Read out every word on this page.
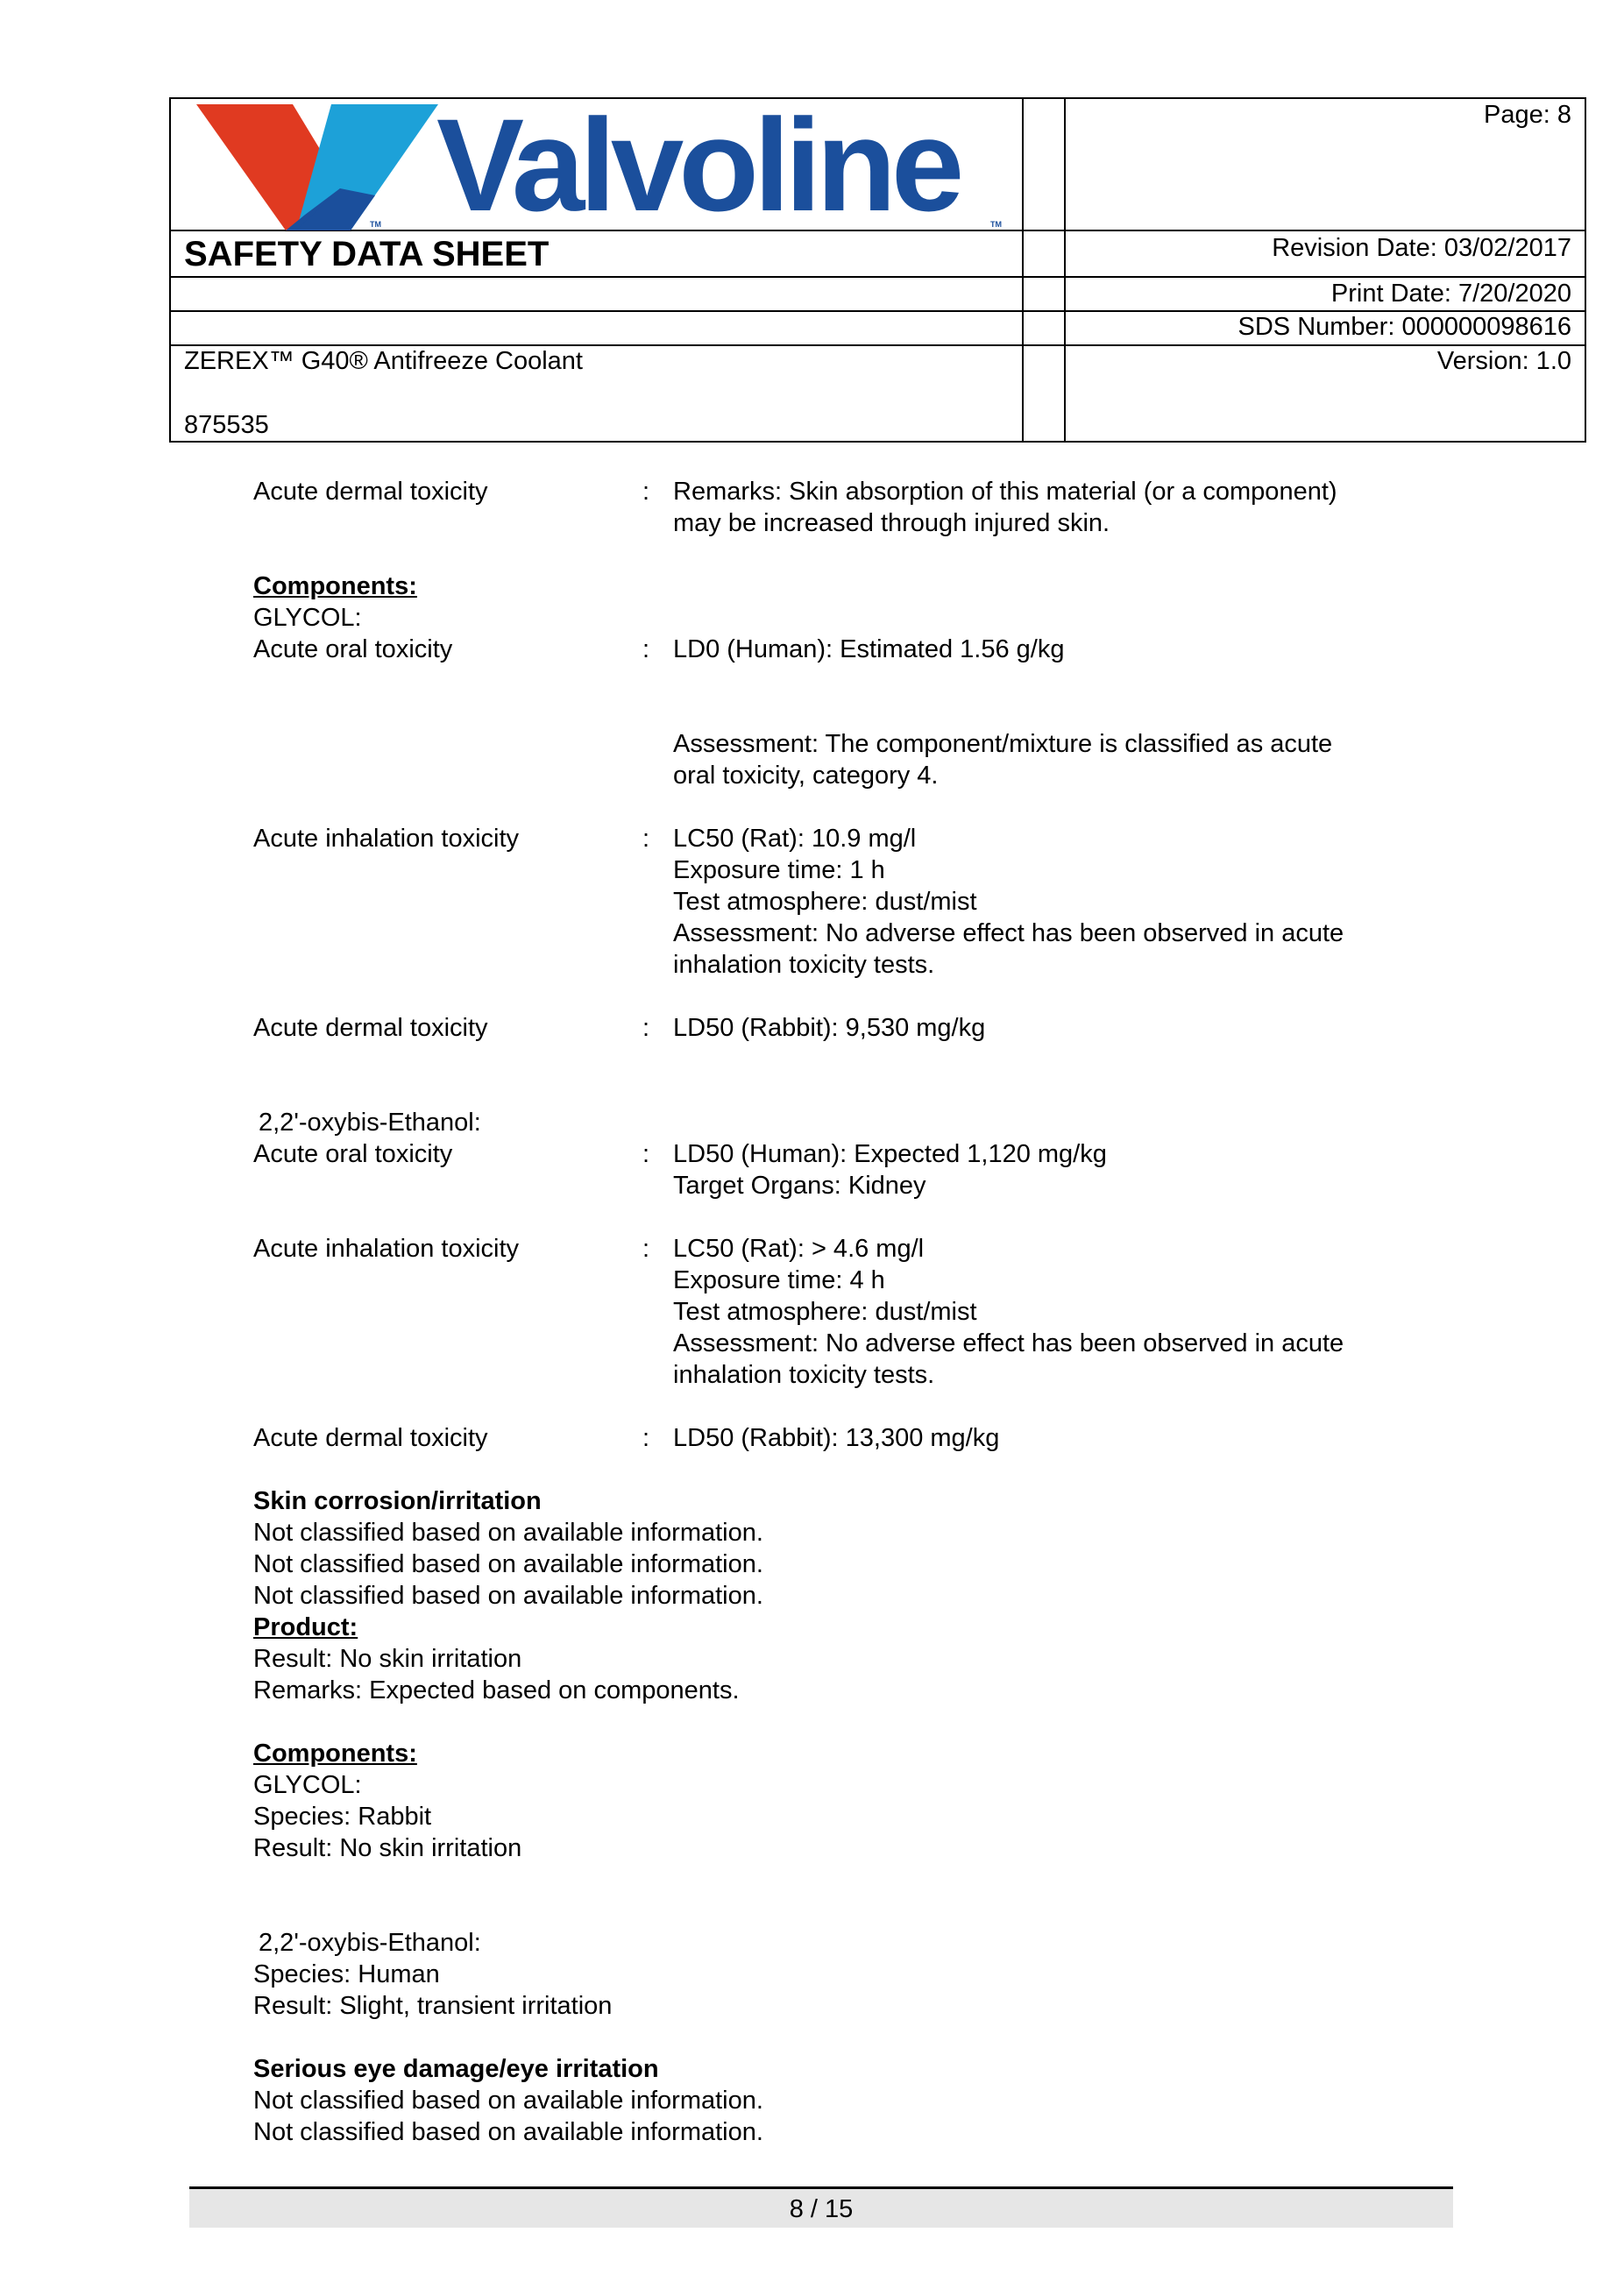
Valvoline
TM	TM
Page: 8
SAFETY DATA SHEET	Revision Date: 03/02/2017
Print Date: 7/20/2020
SDS Number: 000000098616
ZEREX™ G40® Antifreeze Coolant	Version: 1.0
875535
Acute dermal toxicity	: Remarks: Skin absorption of this material (or a component)
may be increased through injured skin.
Components:
GLYCOL:
Acute oral toxicity	: LD0 (Human): Estimated 1.56 g/kg
Assessment: The component/mixture is classified as acute
oral toxicity, category 4.
Acute inhalation toxicity	: LC50 (Rat): 10.9 mg/l
Exposure time: 1 h
Test atmosphere: dust/mist
Assessment: No adverse effect has been observed in acute
inhalation toxicity tests.
Acute dermal toxicity	: LD50 (Rabbit): 9,530 mg/kg
2,2'-oxybis-Ethanol:
Acute oral toxicity	: LD50 (Human): Expected 1,120 mg/kg
Target Organs: Kidney
Acute inhalation toxicity	: LC50 (Rat): > 4.6 mg/l
Exposure time: 4 h
Test atmosphere: dust/mist
Assessment: No adverse effect has been observed in acute
inhalation toxicity tests.
Acute dermal toxicity	: LD50 (Rabbit): 13,300 mg/kg
Skin corrosion/irritation
Not classified based on available information.
Not classified based on available information.
Not classified based on available information.
Product:
Result: No skin irritation
Remarks: Expected based on components.
Components:
GLYCOL:
Species: Rabbit
Result: No skin irritation
2,2'-oxybis-Ethanol:
Species: Human
Result: Slight, transient irritation
Serious eye damage/eye irritation
Not classified based on available information.
Not classified based on available information.
8 / 15
